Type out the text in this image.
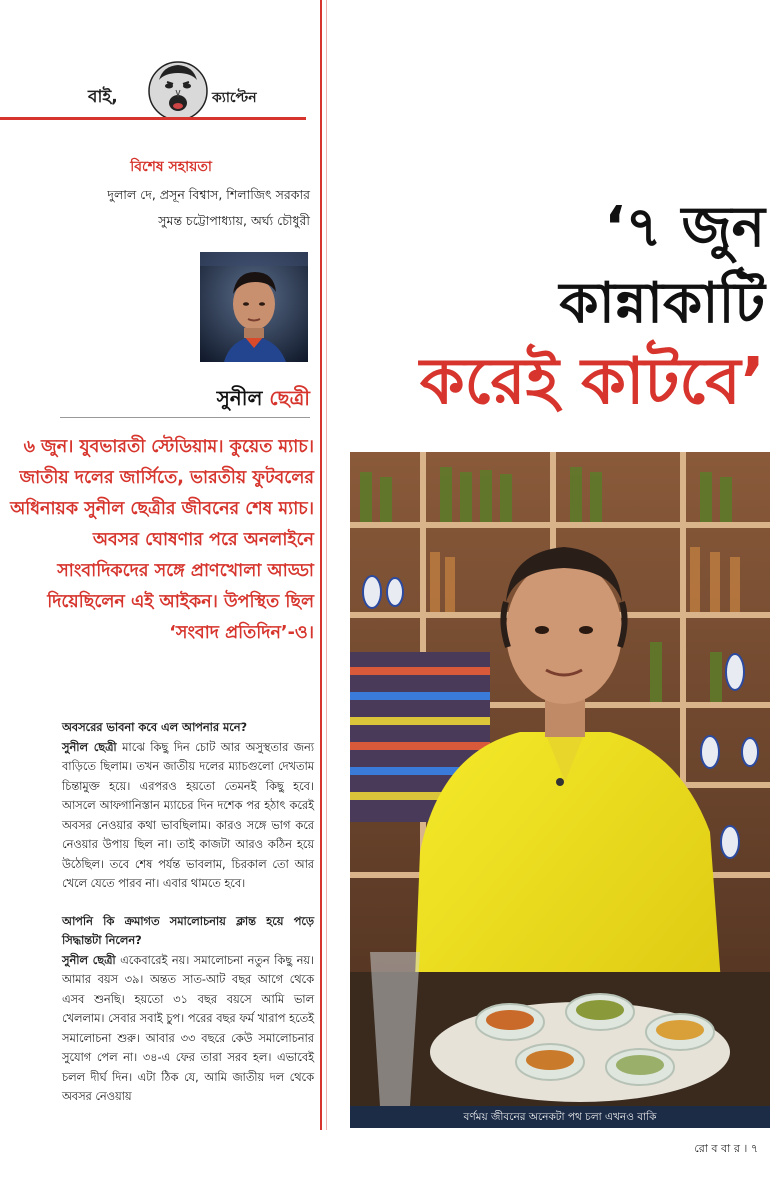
বাই,	ক্যাপ্টেন
বিশেষ সহায়তা
দুলাল দে, প্রসূন বিশ্বাস, শিলাজিৎ সরকার
সুমন্ত চট্টোপাধ্যায়, অর্ঘ্য চৌধুরী
সুনীল ছেত্রী
৬ জুন। যুবভারতী স্টেডিয়াম। কুয়েত ম্যাচ। জাতীয় দলের জার্সিতে, ভারতীয় ফুটবলের অধিনায়ক সুনীল ছেত্রীর জীবনের শেষ ম্যাচ। অবসর ঘোষণার পরে অনলাইনে সাংবাদিকদের সঙ্গে প্রাণখোলা আড্ডা দিয়েছিলেন এই আইকন। উপস্থিত ছিল ‘সংবাদ প্রতিদিন’-ও।

অবসরের ভাবনা কবে এল আপনার মনে?
সুনীল ছেত্রী মাঝে কিছু দিন চোট আর অসুস্থতার জন্য বাড়িতে ছিলাম। তখন জাতীয় দলের ম্যাচগুলো দেখতাম চিন্তামুক্ত হয়ে। এরপরও হয়তো তেমনই কিছু হবে। আসলে আফগানিস্তান ম্যাচের দিন দশেক পর হঠাৎ করেই অবসর নেওয়ার কথা ভাবছিলাম। কারও সঙ্গে ভাগ করে নেওয়ার উপায় ছিল না। তাই কাজটা আরও কঠিন হয়ে উঠেছিল। তবে শেষ পর্যন্ত ভাবলাম, চিরকাল তো আর খেলে যেতে পারব না। এবার থামতে হবে।

আপনি কি ক্রমাগত সমালোচনায় ক্লান্ত হয়ে পড়ে সিদ্ধান্তটা নিলেন?
সুনীল ছেত্রী একেবারেই নয়। সমালোচনা নতুন কিছু নয়। আমার বয়স ৩৯। অন্তত সাত-আট বছর আগে থেকে এসব শুনছি। হয়তো ৩১ বছর বয়সে আমি ভাল খেললাম। সেবার সবাই চুপ। পরের বছর ফর্ম খারাপ হতেই সমালোচনা শুরু। আবার ৩৩ বছরে কেউ সমালোচনার সুযোগ পেল না। ৩৪-এ ফের তারা সরব হল। এভাবেই চলল দীর্ঘ দিন। এটা ঠিক যে, আমি জাতীয় দল থেকে অবসর নেওয়ায়

‘৭ জুন
কান্নাকাটি
করেই কাটবে’
বর্ণময় জীবনের অনেকটা পথ চলা এখনও বাকি
রো ব বা র । ৭
